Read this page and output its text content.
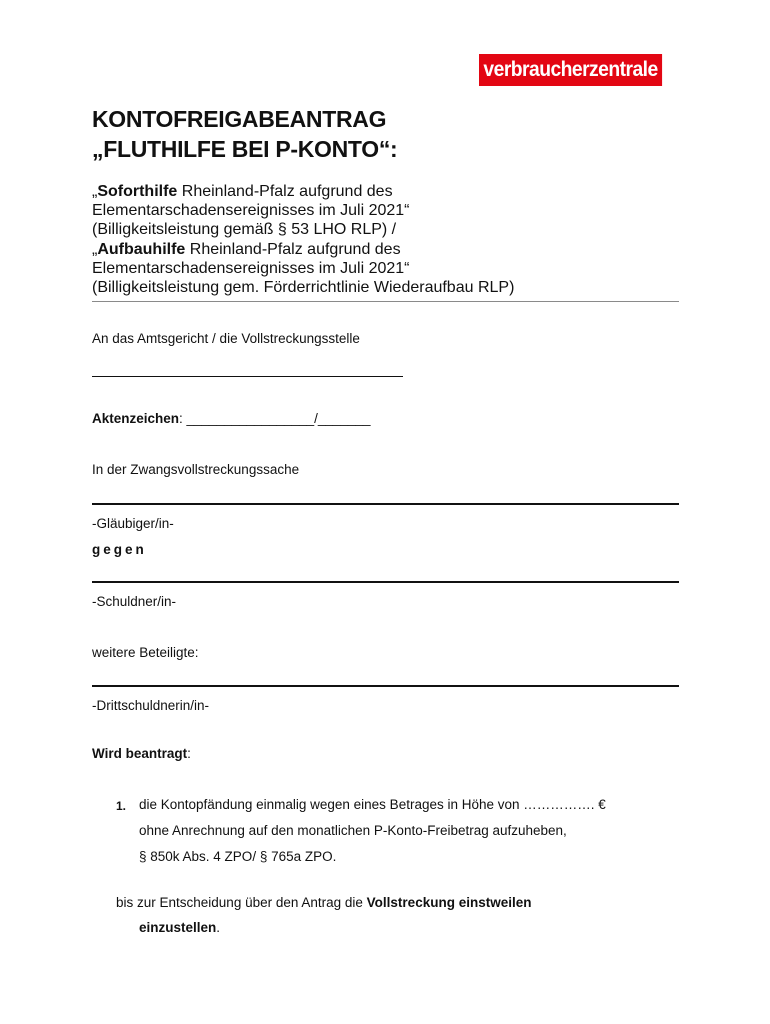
verbraucherzentrale
KONTOFREIGABEANTRAG
„FLUTHILFE BEI P-KONTO“:
„Soforthilfe Rheinland-Pfalz aufgrund des
Elementarschadensereignisses im Juli 2021“
(Billigkeitsleistung gemäß § 53 LHO RLP) /
„Aufbauhilfe Rheinland-Pfalz aufgrund des
Elementarschadensereignisses im Juli 2021“
(Billigkeitsleistung gem. Förderrichtlinie Wiederaufbau RLP)
An das Amtsgericht / die Vollstreckungsstelle
Aktenzeichen: _________________/_______
In der Zwangsvollstreckungssache
-Gläubiger/in-
gegen
-Schuldner/in-
weitere Beteiligte:
-Drittschuldnerin/in-
Wird beantragt:
1. die Kontopfändung einmalig wegen eines Betrages in Höhe von ……………. €
ohne Anrechnung auf den monatlichen P-Konto-Freibetrag aufzuheben,
§ 850k Abs. 4 ZPO/ § 765a ZPO.
bis zur Entscheidung über den Antrag die Vollstreckung einstweilen
einzustellen.
